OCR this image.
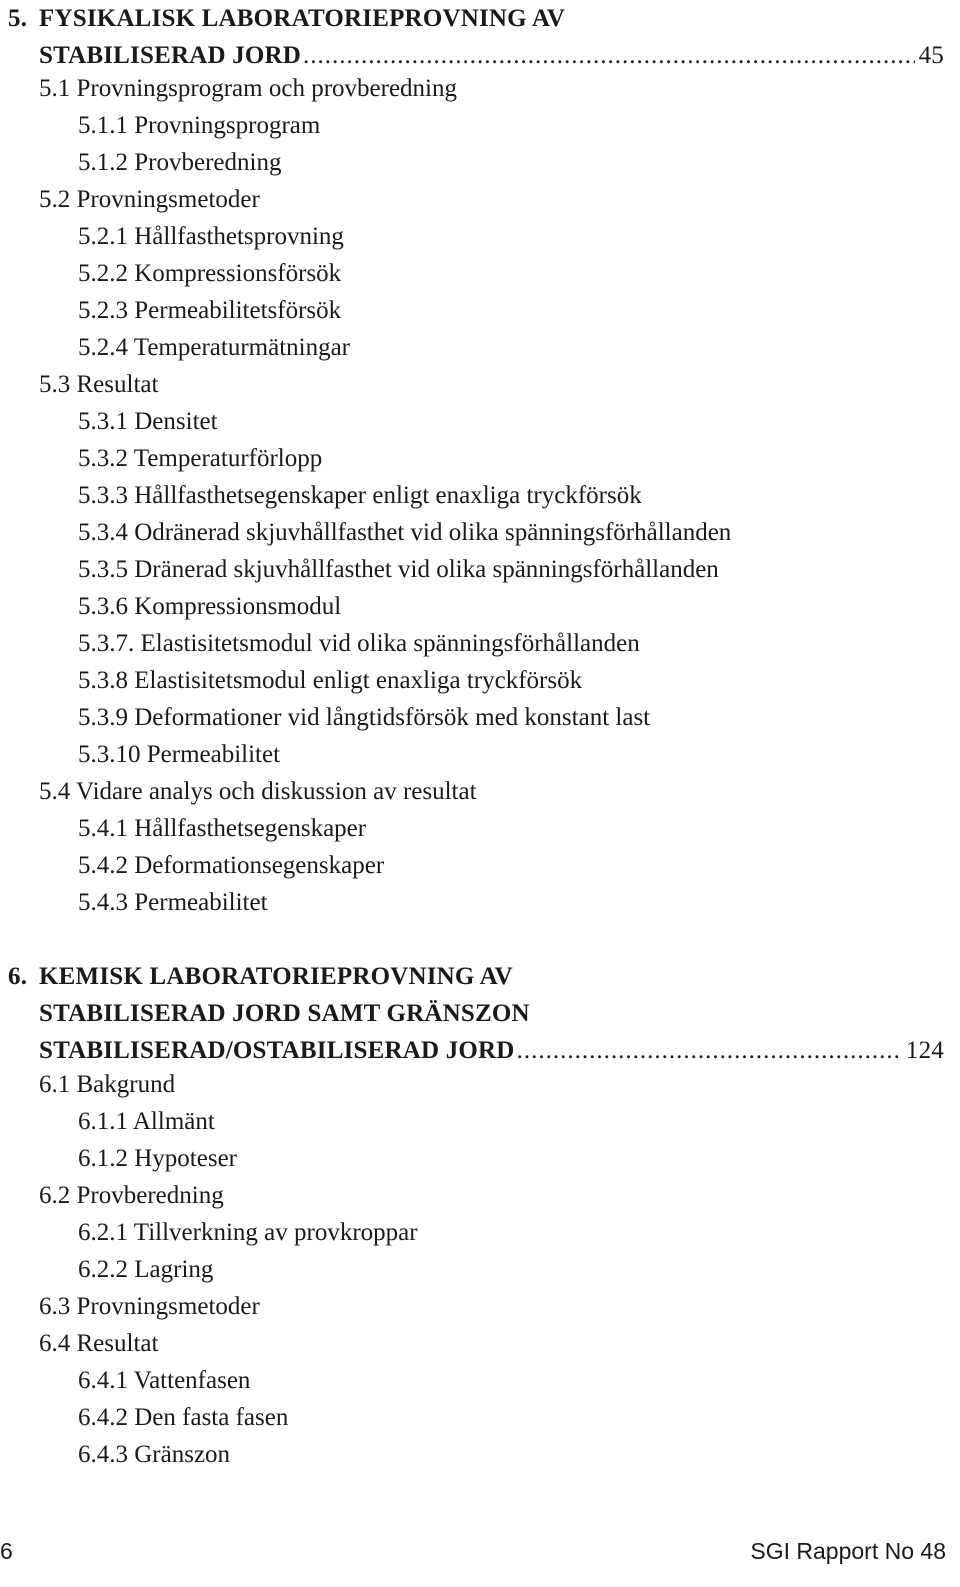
5. FYSIKALISK LABORATORIEPROVNING AV
STABILISERAD JORD .....	45
5.1 Provningsprogram och provberedning
5.1.1 Provningsprogram
5.1.2 Provberedning
5.2 Provningsmetoder
5.2.1 Hållfasthetsprovning
5.2.2 Kompressionsförsök
5.2.3 Permeabilitetsförsök
5.2.4 Temperaturmätningar
5.3 Resultat
5.3.1 Densitet
5.3.2 Temperaturförlopp
5.3.3 Hållfasthetsegenskaper enligt enaxliga tryckförsök
5.3.4 Odränerad skjuvhållfasthet vid olika spänningsförhållanden
5.3.5 Dränerad skjuvhållfasthet vid olika spänningsförhållanden
5.3.6 Kompressionsmodul
5.3.7. Elastisitetsmodul vid olika spänningsförhållanden
5.3.8 Elastisitetsmodul enligt enaxliga tryckförsök
5.3.9 Deformationer vid långtidsförsök med konstant last
5.3.10 Permeabilitet
5.4 Vidare analys och diskussion av resultat
5.4.1 Hållfasthetsegenskaper
5.4.2 Deformationsegenskaper
5.4.3 Permeabilitet
6. KEMISK LABORATORIEPROVNING AV
STABILISERAD JORD SAMT GRÄNSZON
STABILISERAD/OSTABILISERAD JORD .....	124
6.1 Bakgrund
6.1.1 Allmänt
6.1.2 Hypoteser
6.2 Provberedning
6.2.1 Tillverkning av provkroppar
6.2.2 Lagring
6.3 Provningsmetoder
6.4 Resultat
6.4.1 Vattenfasen
6.4.2 Den fasta fasen
6.4.3 Gränszon
6	SGI Rapport No 48
